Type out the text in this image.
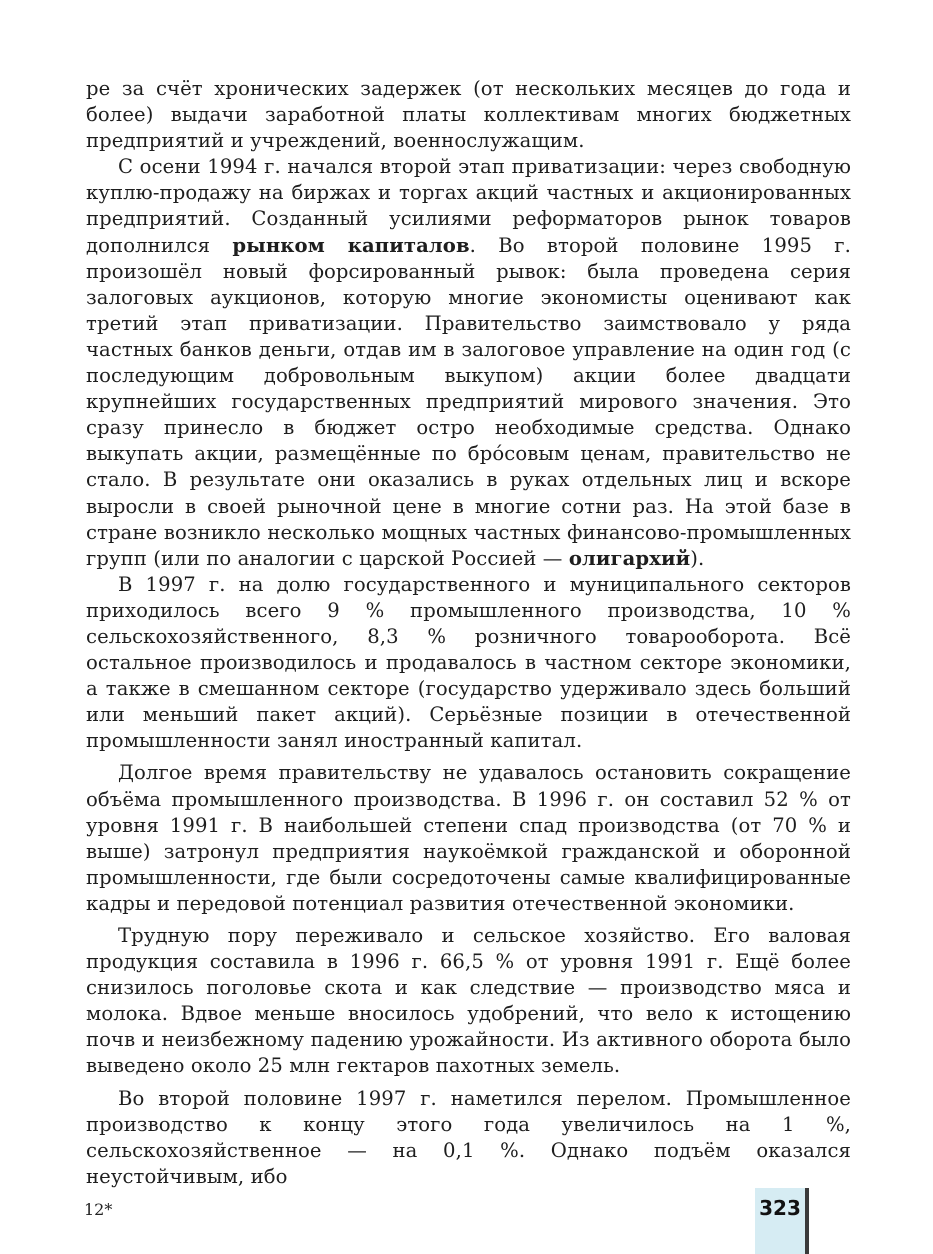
ре за счёт хронических задержек (от нескольких месяцев до года и более) выдачи заработной платы коллективам многих бюджетных предприятий и учреждений, военнослужащим.

С осени 1994 г. начался второй этап приватизации: через свободную куплю-продажу на биржах и торгах акций частных и акционированных предприятий. Созданный усилиями реформаторов рынок товаров дополнился рынком капиталов. Во второй половине 1995 г. произошёл новый форсированный рывок: была проведена серия залоговых аукционов, которую многие экономисты оценивают как третий этап приватизации. Правительство заимствовало у ряда частных банков деньги, отдав им в залоговое управление на один год (с последующим добровольным выкупом) акции более двадцати крупнейших государственных предприятий мирового значения. Это сразу принесло в бюджет остро необходимые средства. Однако выкупать акции, размещённые по бро́совым ценам, правительство не стало. В результате они оказались в руках отдельных лиц и вскоре выросли в своей рыночной цене в многие сотни раз. На этой базе в стране возникло несколько мощных частных финансово-промышленных групп (или по аналогии с царской Россией — олигархий).

В 1997 г. на долю государственного и муниципального секторов приходилось всего 9 % промышленного производства, 10 % сельскохозяйственного, 8,3 % розничного товарооборота. Всё остальное производилось и продавалось в частном секторе экономики, а также в смешанном секторе (государство удерживало здесь больший или меньший пакет акций). Серьёзные позиции в отечественной промышленности занял иностранный капитал.

Долгое время правительству не удавалось остановить сокращение объёма промышленного производства. В 1996 г. он составил 52 % от уровня 1991 г. В наибольшей степени спад производства (от 70 % и выше) затронул предприятия наукоёмкой гражданской и оборонной промышленности, где были сосредоточены самые квалифицированные кадры и передовой потенциал развития отечественной экономики.

Трудную пору переживало и сельское хозяйство. Его валовая продукция составила в 1996 г. 66,5 % от уровня 1991 г. Ещё более снизилось поголовье скота и как следствие — производство мяса и молока. Вдвое меньше вносилось удобрений, что вело к истощению почв и неизбежному падению урожайности. Из активного оборота было выведено около 25 млн гектаров пахотных земель.

Во второй половине 1997 г. наметился перелом. Промышленное производство к концу этого года увеличилось на 1 %, сельскохозяйственное — на 0,1 %. Однако подъём оказался неустойчивым, ибо

12*	323
